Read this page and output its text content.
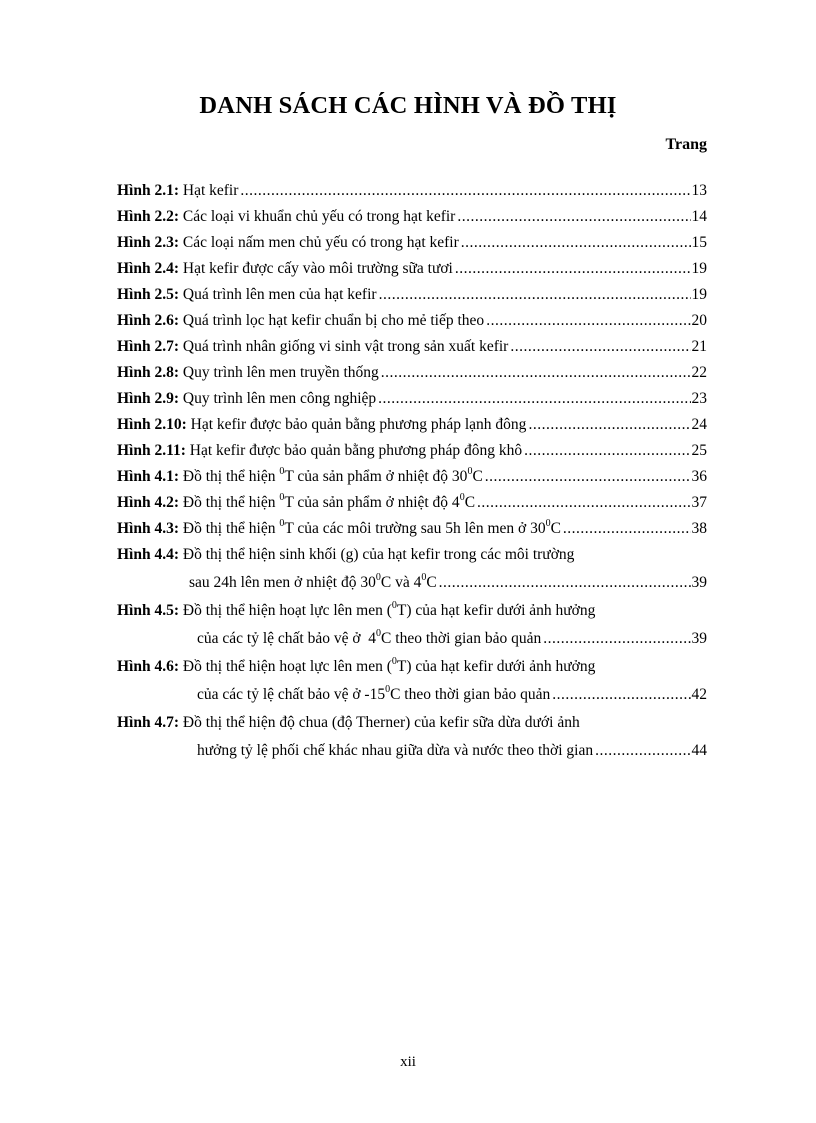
DANH SÁCH CÁC HÌNH VÀ ĐỒ THỊ
Trang
Hình 2.1:
Hạt kefir .....	13
Hình 2.2:
Các loại vi khuẩn chủ yếu có trong hạt kefir .....	14
Hình 2.3:
Các loại nấm men chủ yếu có trong hạt kefir .....	15
Hình 2.4:
Hạt kefir được cấy vào môi trường sữa tươi .....	19
Hình 2.5:
Quá trình lên men của hạt kefir .....	19
Hình 2.6:
Quá trình lọc hạt kefir chuẩn bị cho mẻ tiếp theo .....	20
Hình 2.7:
Quá trình nhân giống vi sinh vật trong sản xuất kefir .....	21
Hình 2.8:
Quy trình lên men truyền thống .....	22
Hình 2.9:
Quy trình lên men công nghiệp .....	23
Hình 2.10:
Hạt kefir được bảo quản bằng phương pháp lạnh đông .....	24
Hình 2.11:
Hạt kefir được bảo quản bằng phương pháp đông khô .....	25
Hình 4.1:
Đồ thị thể hiện $^0$T của sản phẩm ở nhiệt độ $30^0C$ .....	36
Hình 4.2:
Đồ thị thể hiện $^0$T của sản phẩm ở nhiệt độ $4^0C$ .....	37
Hình 4.3:
Đồ thị thể hiện $^0$T của các môi trường sau 5h lên men ở $30^0C$ .....	38
Hình 4.4:
Đồ thị thể hiện sinh khối (g) của hạt kefir trong các môi trường
sau 24h lên men ở nhiệt độ $30^0C$ và $4^0C$ .....	39
Hình 4.5:
Đồ thị thể hiện hoạt lực lên men ($^0$T) của hạt kefir dưới ảnh hưởng
của các tỷ lệ chất bảo vệ ở  $4^0C$ theo thời gian bảo quản .....	39
Hình 4.6:
Đồ thị thể hiện hoạt lực lên men ($^0$T) của hạt kefir dưới ảnh hưởng
của các tỷ lệ chất bảo vệ ở $-15^0C$ theo thời gian bảo quản .....	42
Hình 4.7:
Đồ thị thể hiện độ chua (độ Therner) của kefir sữa dừa dưới ảnh
hưởng tỷ lệ phối chế khác nhau giữa dừa và nước theo thời gian .....	44
xii
